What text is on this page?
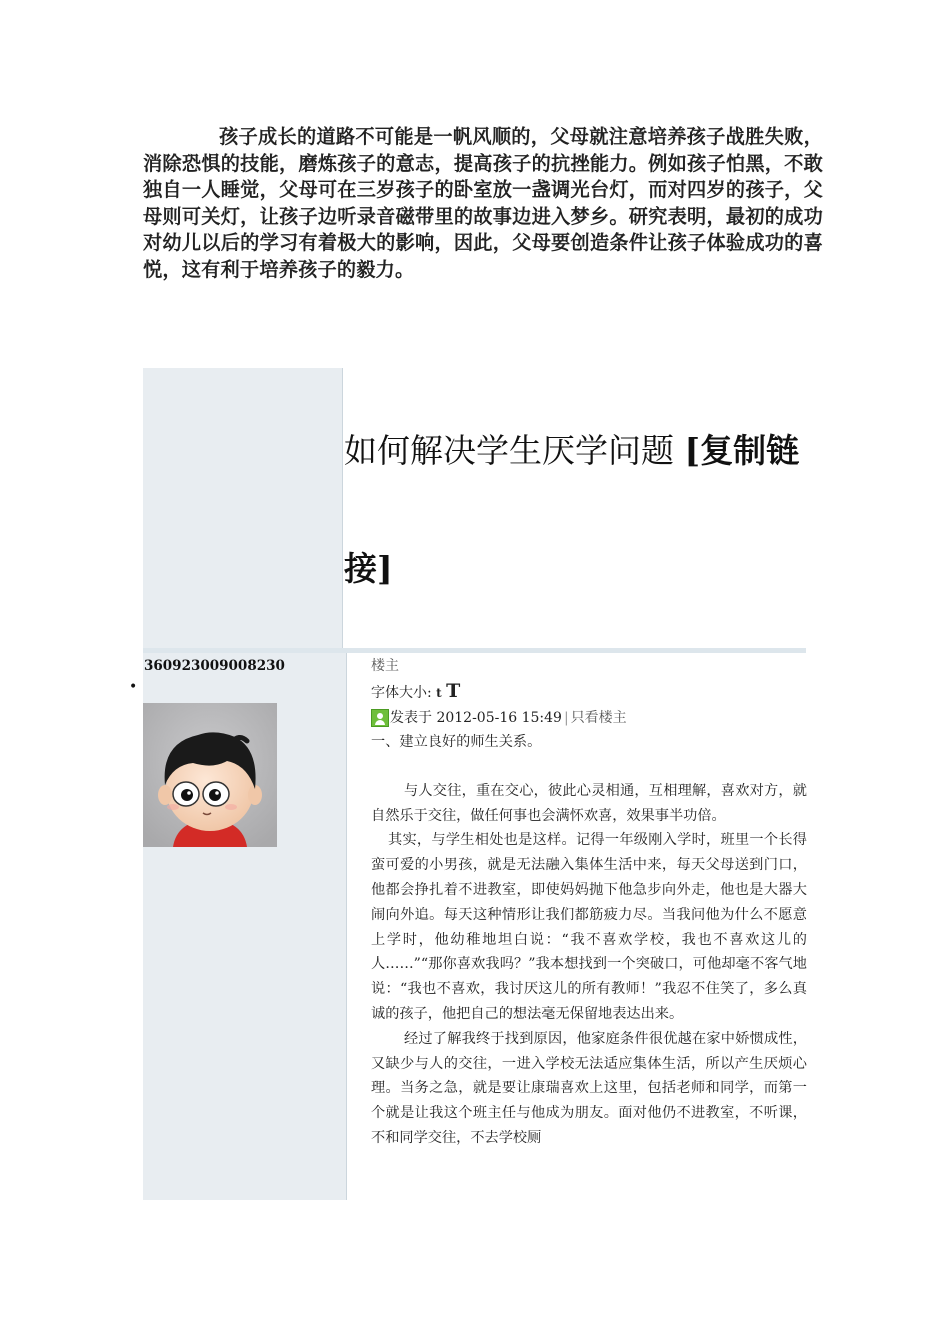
孩子成长的道路不可能是一帆风顺的，父母就注意培养孩子战胜失败，消除恐惧的技能，磨炼孩子的意志，提高孩子的抗挫能力。例如孩子怕黑，不敢独自一人睡觉，父母可在三岁孩子的卧室放一盏调光台灯，而对四岁的孩子，父母则可关灯，让孩子边听录音磁带里的故事边进入梦乡。研究表明，最初的成功对幼儿以后的学习有着极大的影响，因此，父母要创造条件让孩子体验成功的喜悦，这有利于培养孩子的毅力。
如何解决学生厌学问题 [复制链接]
360923009008230
•

楼主

字体大小: t T

发表于 2012-05-16 15:49 | 只看楼主

一、建立良好的师生关系。

与人交往，重在交心，彼此心灵相通，互相理解，喜欢对方，就自然乐于交往，做任何事也会满怀欢喜，效果事半功倍。

其实，与学生相处也是这样。记得一年级刚入学时，班里一个长得蛮可爱的小男孩，就是无法融入集体生活中来，每天父母送到门口，他都会挣扎着不进教室，即使妈妈抛下他急步向外走，他也是大器大闹向外追。每天这种情形让我们都筋疲力尽。当我问他为什么不愿意上学时，他幼稚地坦白说：“我不喜欢学校，我也不喜欢这儿的人……”“那你喜欢我吗？”我本想找到一个突破口，可他却毫不客气地说：“我也不喜欢，我讨厌这儿的所有教师！”我忍不住笑了，多么真诚的孩子，他把自己的想法毫无保留地表达出来。

经过了解我终于找到原因，他家庭条件很优越在家中娇惯成性，又缺少与人的交往，一进入学校无法适应集体生活，所以产生厌烦心理。当务之急，就是要让康瑞喜欢上这里，包括老师和同学，而第一个就是让我这个班主任与他成为朋友。面对他仍不进教室，不听课，不和同学交往，不去学校厕
